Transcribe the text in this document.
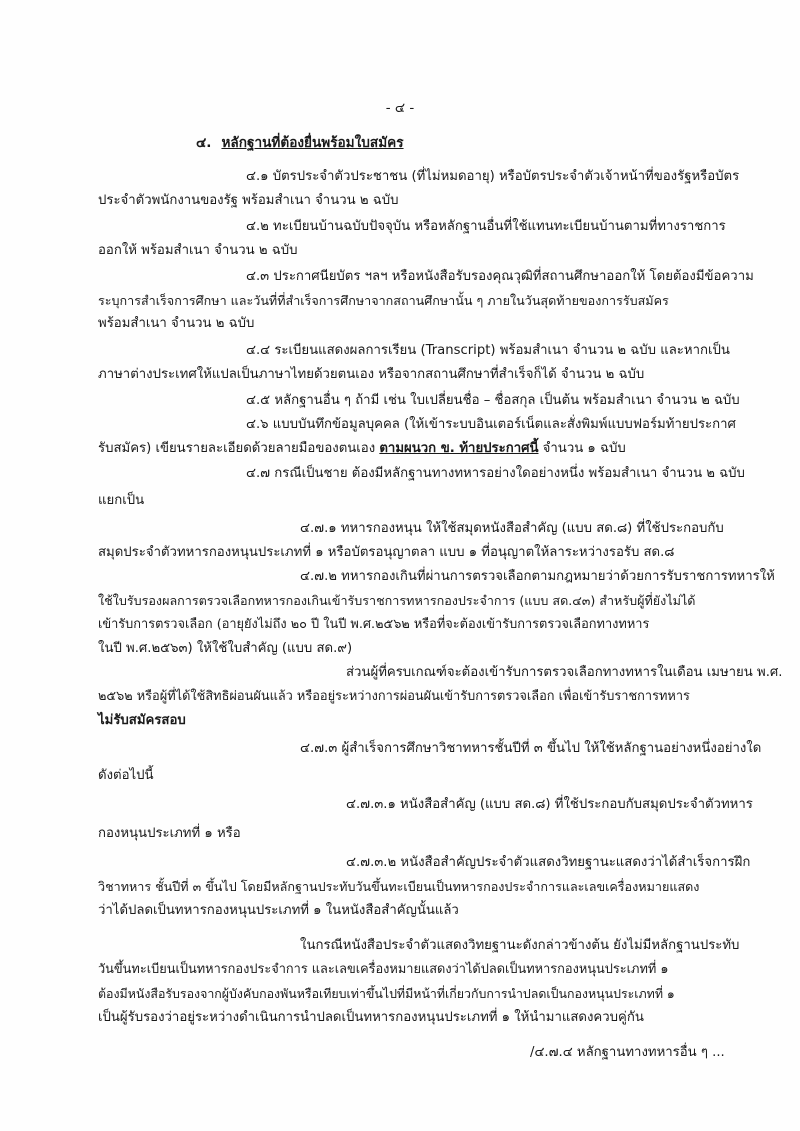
- ๔ -
๔. หลักฐานที่ต้องยื่นพร้อมใบสมัคร
๔.๑ บัตรประจำตัวประชาชน (ที่ไม่หมดอายุ) หรือบัตรประจำตัวเจ้าหน้าที่ของรัฐหรือบัตร
ประจำตัวพนักงานของรัฐ พร้อมสำเนา จำนวน ๒ ฉบับ
๔.๒ ทะเบียนบ้านฉบับปัจจุบัน หรือหลักฐานอื่นที่ใช้แทนทะเบียนบ้านตามที่ทางราชการ
ออกให้ พร้อมสำเนา จำนวน ๒ ฉบับ
๔.๓ ประกาศนียบัตร ฯลฯ หรือหนังสือรับรองคุณวุฒิที่สถานศึกษาออกให้ โดยต้องมีข้อความ
ระบุการสำเร็จการศึกษา และวันที่ที่สำเร็จการศึกษาจากสถานศึกษานั้น ๆ ภายในวันสุดท้ายของการรับสมัคร
พร้อมสำเนา จำนวน ๒ ฉบับ
๔.๔ ระเบียนแสดงผลการเรียน (Transcript) พร้อมสำเนา จำนวน ๒ ฉบับ และหากเป็น
ภาษาต่างประเทศให้แปลเป็นภาษาไทยด้วยตนเอง หรือจากสถานศึกษาที่สำเร็จก็ได้ จำนวน ๒ ฉบับ
๔.๕ หลักฐานอื่น ๆ ถ้ามี เช่น ใบเปลี่ยนชื่อ – ชื่อสกุล เป็นต้น พร้อมสำเนา จำนวน ๒ ฉบับ
๔.๖ แบบบันทึกข้อมูลบุคคล (ให้เข้าระบบอินเตอร์เน็ตและสั่งพิมพ์แบบฟอร์มท้ายประกาศ
รับสมัคร) เขียนรายละเอียดด้วยลายมือของตนเอง ตามผนวก ข. ท้ายประกาศนี้ จำนวน ๑ ฉบับ
๔.๗ กรณีเป็นชาย ต้องมีหลักฐานทางทหารอย่างใดอย่างหนึ่ง พร้อมสำเนา จำนวน ๒ ฉบับ
แยกเป็น
๔.๗.๑ ทหารกองหนุน ให้ใช้สมุดหนังสือสำคัญ (แบบ สด.๘) ที่ใช้ประกอบกับ
สมุดประจำตัวทหารกองหนุนประเภทที่ ๑ หรือบัตรอนุญาตลา แบบ ๑ ที่อนุญาตให้ลาระหว่างรอรับ สด.๘
๔.๗.๒ ทหารกองเกินที่ผ่านการตรวจเลือกตามกฎหมายว่าด้วยการรับราชการทหารให้
ใช้ใบรับรองผลการตรวจเลือกทหารกองเกินเข้ารับราชการทหารกองประจำการ (แบบ สด.๔๓) สำหรับผู้ที่ยังไม่ได้
เข้ารับการตรวจเลือก (อายุยังไม่ถึง ๒๐ ปี ในปี พ.ศ.๒๕๖๒ หรือที่จะต้องเข้ารับการตรวจเลือกทางทหาร
ในปี พ.ศ.๒๕๖๓) ให้ใช้ใบสำคัญ (แบบ สด.๙)
ส่วนผู้ที่ครบเกณฑ์จะต้องเข้ารับการตรวจเลือกทางทหารในเดือน เมษายน พ.ศ.
๒๕๖๒ หรือผู้ที่ได้ใช้สิทธิผ่อนผันแล้ว หรืออยู่ระหว่างการผ่อนผันเข้ารับการตรวจเลือก เพื่อเข้ารับราชการทหาร
ไม่รับสมัครสอบ
๔.๗.๓ ผู้สำเร็จการศึกษาวิชาทหารชั้นปีที่ ๓ ขึ้นไป ให้ใช้หลักฐานอย่างหนึ่งอย่างใด
ดังต่อไปนี้
๔.๗.๓.๑ หนังสือสำคัญ (แบบ สด.๘) ที่ใช้ประกอบกับสมุดประจำตัวทหาร
กองหนุนประเภทที่ ๑ หรือ
๔.๗.๓.๒ หนังสือสำคัญประจำตัวแสดงวิทยฐานะแสดงว่าได้สำเร็จการฝึก
วิชาทหาร ชั้นปีที่ ๓ ขึ้นไป โดยมีหลักฐานประทับวันขึ้นทะเบียนเป็นทหารกองประจำการและเลขเครื่องหมายแสดง
ว่าได้ปลดเป็นทหารกองหนุนประเภทที่ ๑ ในหนังสือสำคัญนั้นแล้ว
ในกรณีหนังสือประจำตัวแสดงวิทยฐานะดังกล่าวข้างต้น ยังไม่มีหลักฐานประทับ
วันขึ้นทะเบียนเป็นทหารกองประจำการ และเลขเครื่องหมายแสดงว่าได้ปลดเป็นทหารกองหนุนประเภทที่ ๑
ต้องมีหนังสือรับรองจากผู้บังคับกองพันหรือเทียบเท่าขึ้นไปที่มีหน้าที่เกี่ยวกับการนำปลดเป็นกองหนุนประเภทที่ ๑
เป็นผู้รับรองว่าอยู่ระหว่างดำเนินการนำปลดเป็นทหารกองหนุนประเภทที่ ๑ ให้นำมาแสดงควบคู่กัน
/๔.๗.๔ หลักฐานทางทหารอื่น ๆ ...
